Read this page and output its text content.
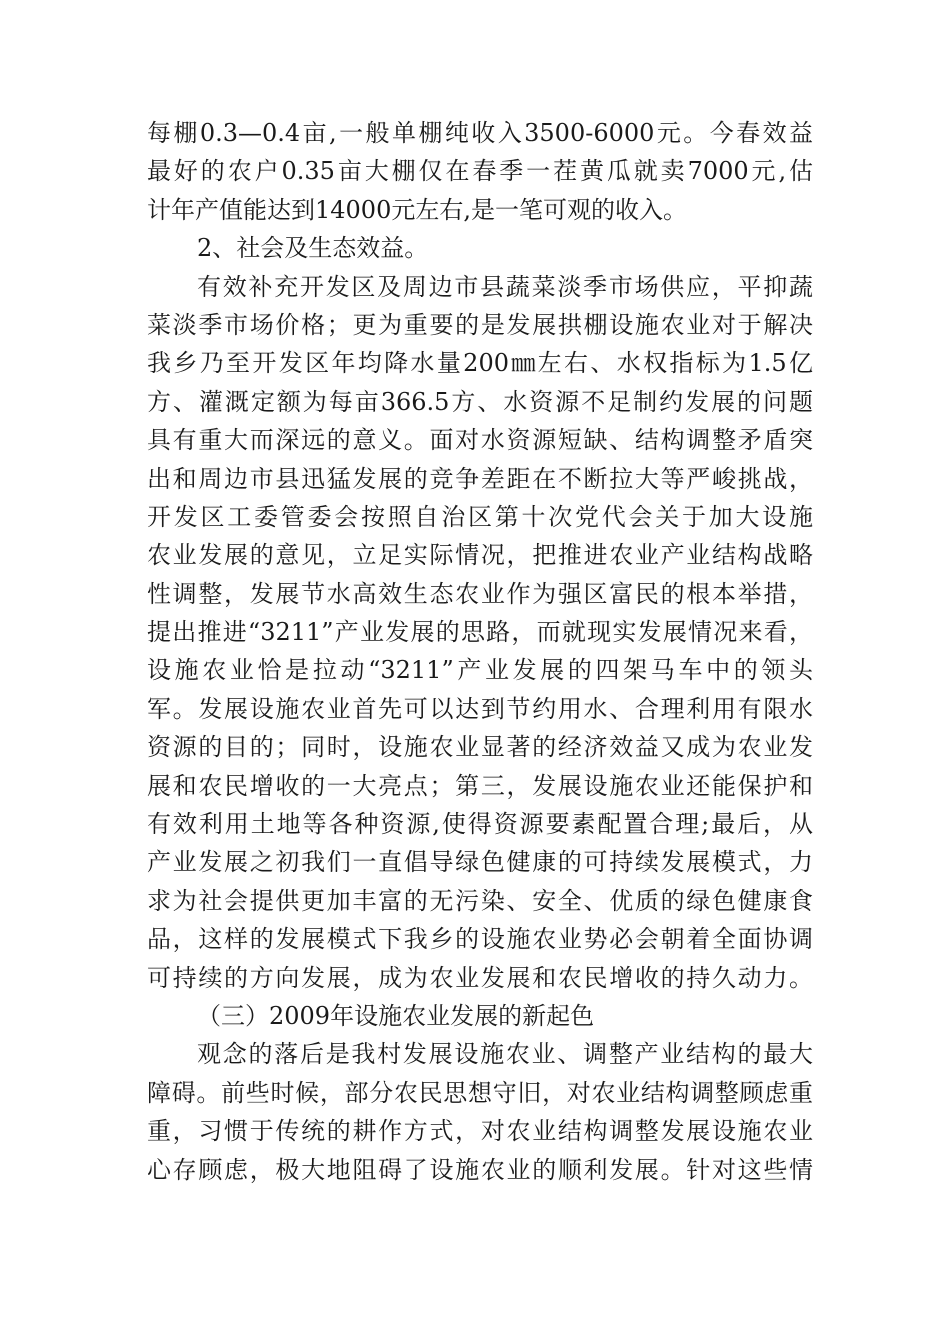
每棚0.3—0.4亩,一般单棚纯收入3500-6000元。今春效益
最好的农户0.35亩大棚仅在春季一茬黄瓜就卖7000元,估
计年产值能达到14000元左右,是一笔可观的收入。
2、社会及生态效益。
有效补充开发区及周边市县蔬菜淡季市场供应，平抑蔬
菜淡季市场价格；更为重要的是发展拱棚设施农业对于解决
我乡乃至开发区年均降水量200㎜左右、水权指标为1.5亿
方、灌溉定额为每亩366.5方、水资源不足制约发展的问题
具有重大而深远的意义。面对水资源短缺、结构调整矛盾突
出和周边市县迅猛发展的竞争差距在不断拉大等严峻挑战，
开发区工委管委会按照自治区第十次党代会关于加大设施
农业发展的意见，立足实际情况，把推进农业产业结构战略
性调整，发展节水高效生态农业作为强区富民的根本举措，
提出推进“3211”产业发展的思路，而就现实发展情况来看，
设施农业恰是拉动“3211”产业发展的四架马车中的领头
军。发展设施农业首先可以达到节约用水、合理利用有限水
资源的目的；同时，设施农业显著的经济效益又成为农业发
展和农民增收的一大亮点；第三，发展设施农业还能保护和
有效利用土地等各种资源,使得资源要素配置合理;最后，从
产业发展之初我们一直倡导绿色健康的可持续发展模式，力
求为社会提供更加丰富的无污染、安全、优质的绿色健康食
品，这样的发展模式下我乡的设施农业势必会朝着全面协调
可持续的方向发展，成为农业发展和农民增收的持久动力。
（三）2009年设施农业发展的新起色
观念的落后是我村发展设施农业、调整产业结构的最大
障碍。前些时候，部分农民思想守旧，对农业结构调整顾虑重
重，习惯于传统的耕作方式，对农业结构调整发展设施农业
心存顾虑，极大地阻碍了设施农业的顺利发展。针对这些情
